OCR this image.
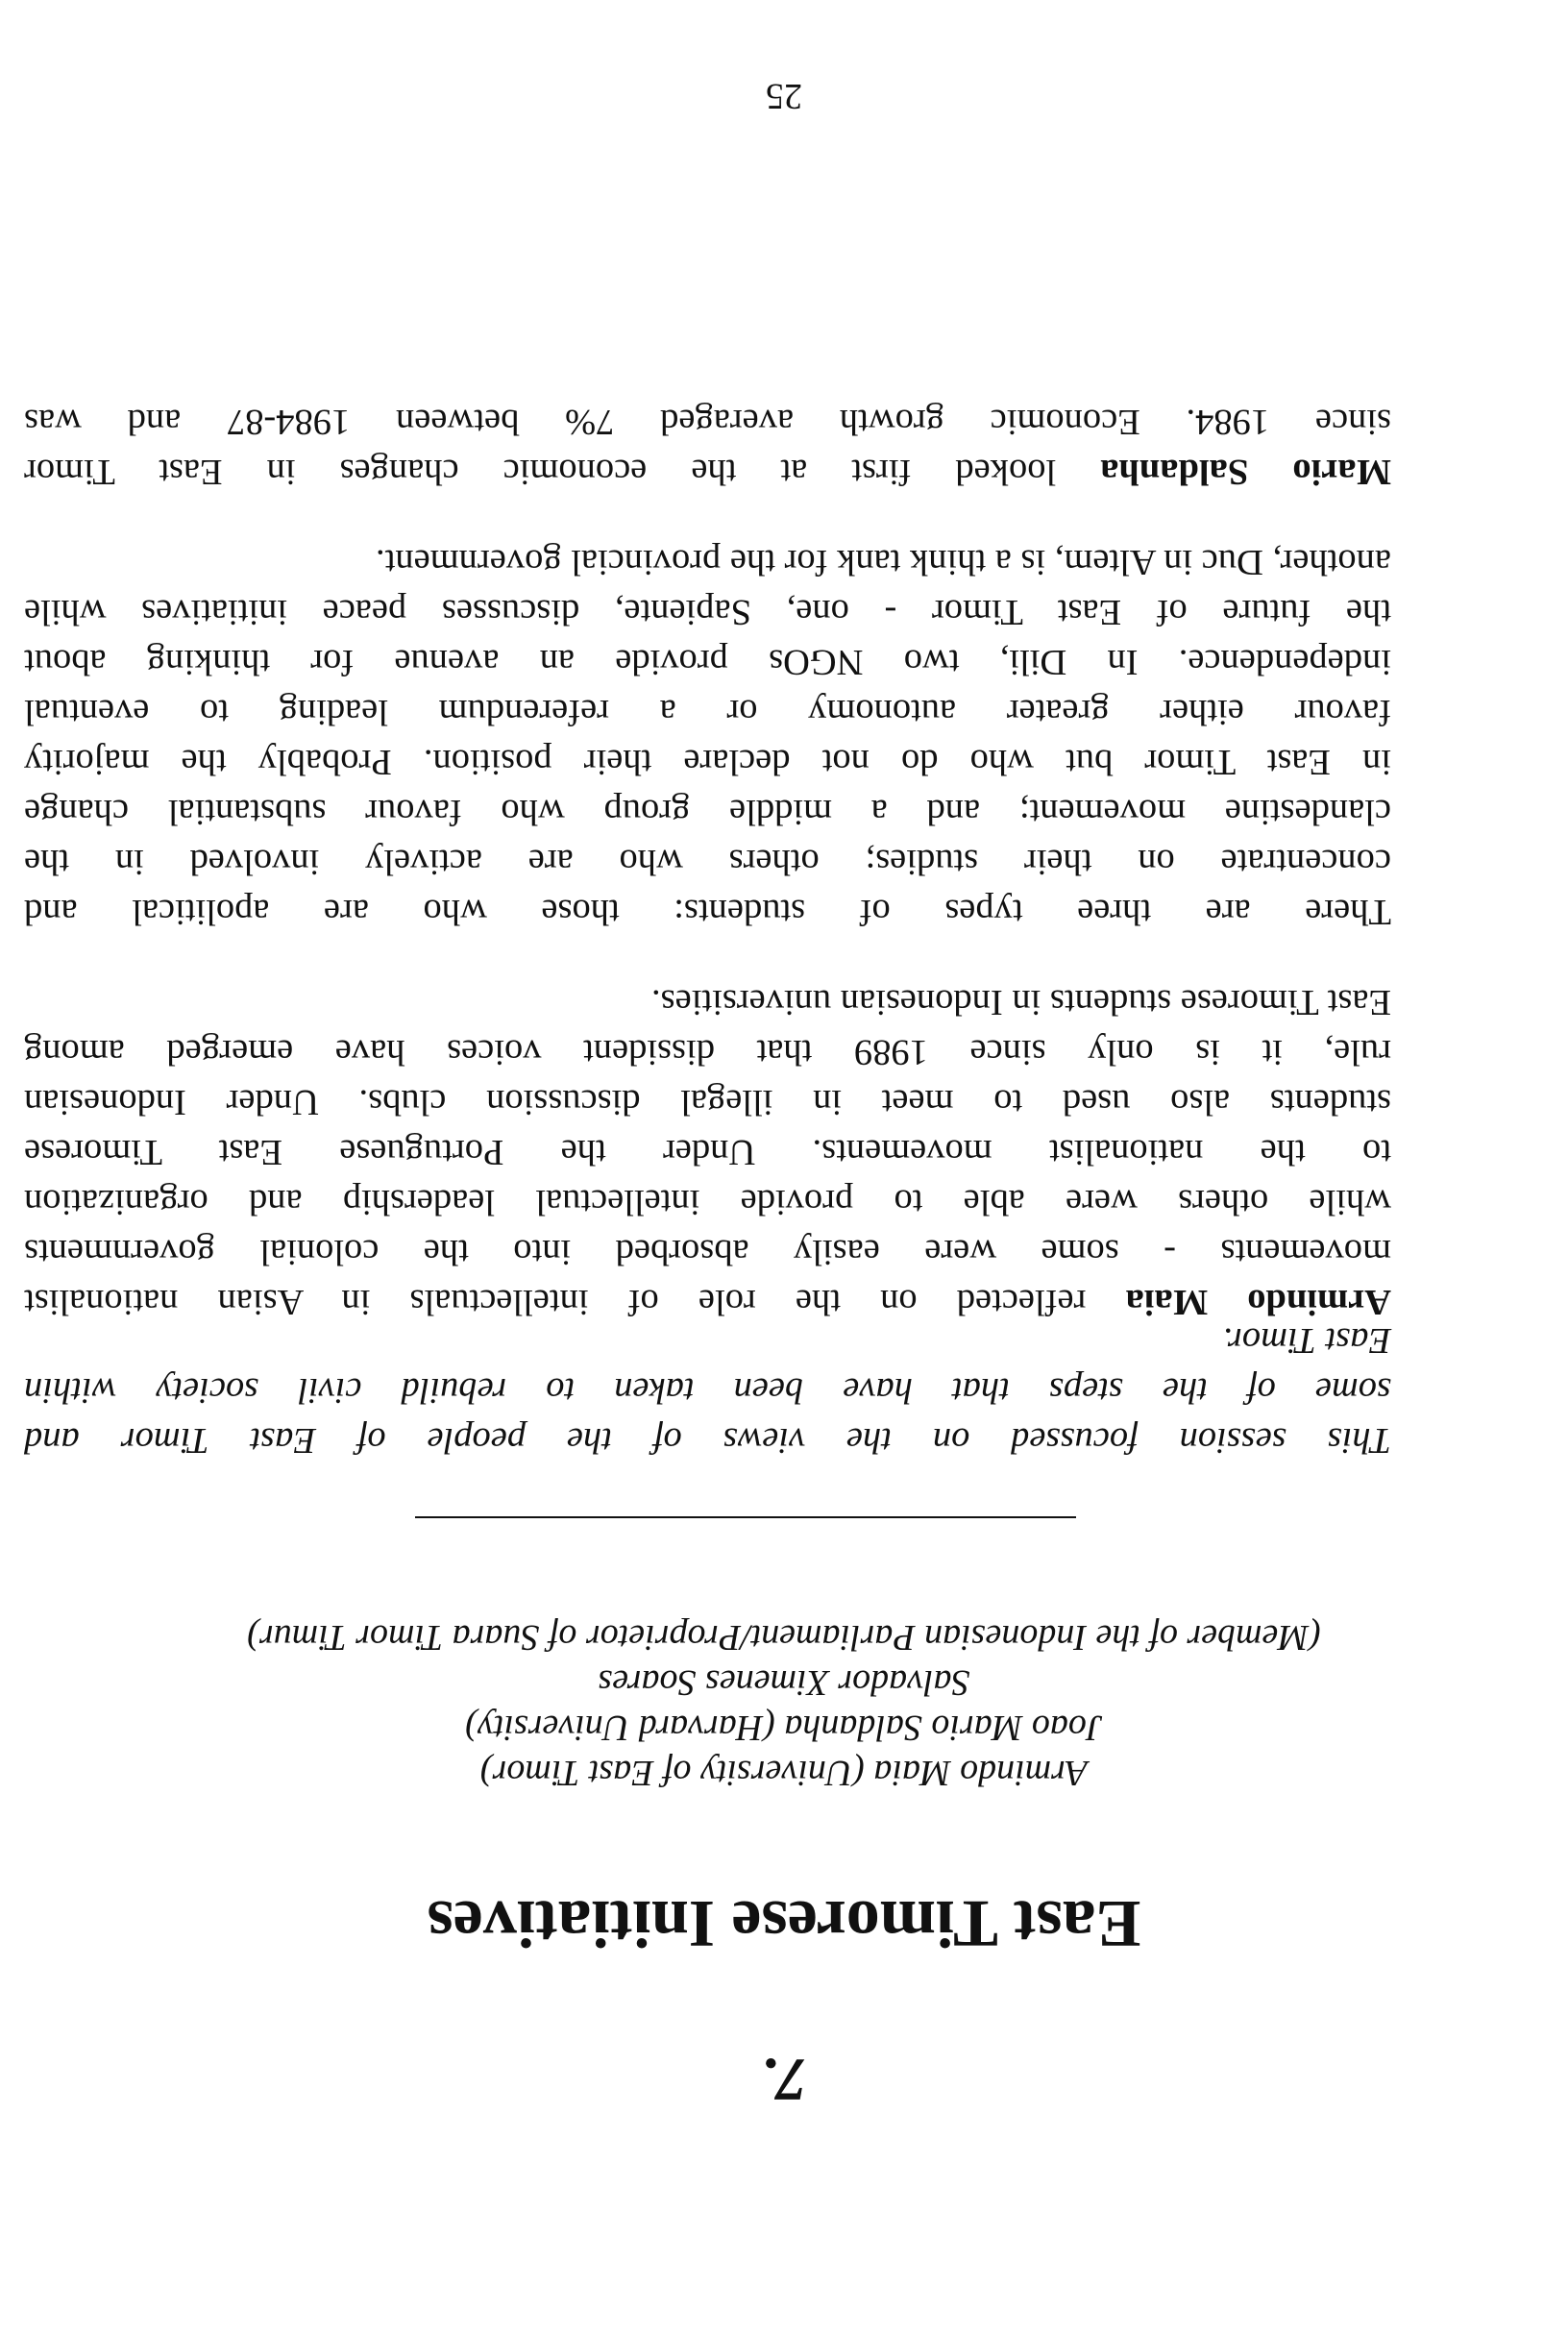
7.
East Timorese Initiatives
Armindo Maia (University of East Timor)
Joao Mario Saldanha (Harvard University)
Salvador Ximenes Soares
(Member of the Indonesian Parliament/Proprietor of Suara Timor Timur)
This session focussed on the views of the people of East Timor and
some of the steps that have been taken to rebuild civil society within
East Timor.
Armindo Maia reflected on the role of intellectuals in Asian nationalist
movements - some were easily absorbed into the colonial governments
while others were able to provide intellectual leadership and organization
to the nationalist movements. Under the Portuguese East Timorese
students also used to meet in illegal discussion clubs. Under Indonesian
rule, it is only since 1989 that dissident voices have emerged among
East Timorese students in Indonesian universities.
There are three types of students: those who are apolitical and
concentrate on their studies; others who are actively involved in the
clandestine movement; and a middle group who favour substantial change
in East Timor but who do not declare their position. Probably the majority
favour either greater autonomy or a referendum leading to eventual
independence. In Dili, two NGOs provide an avenue for thinking about
the future of East Timor - one, Sapiente, discusses peace initiatives while
another, Duc in Altem, is a think tank for the provincial government.
Mario Saldanha looked first at the economic changes in East Timor
since 1984. Economic growth averaged 7% between 1984-87 and was
25
